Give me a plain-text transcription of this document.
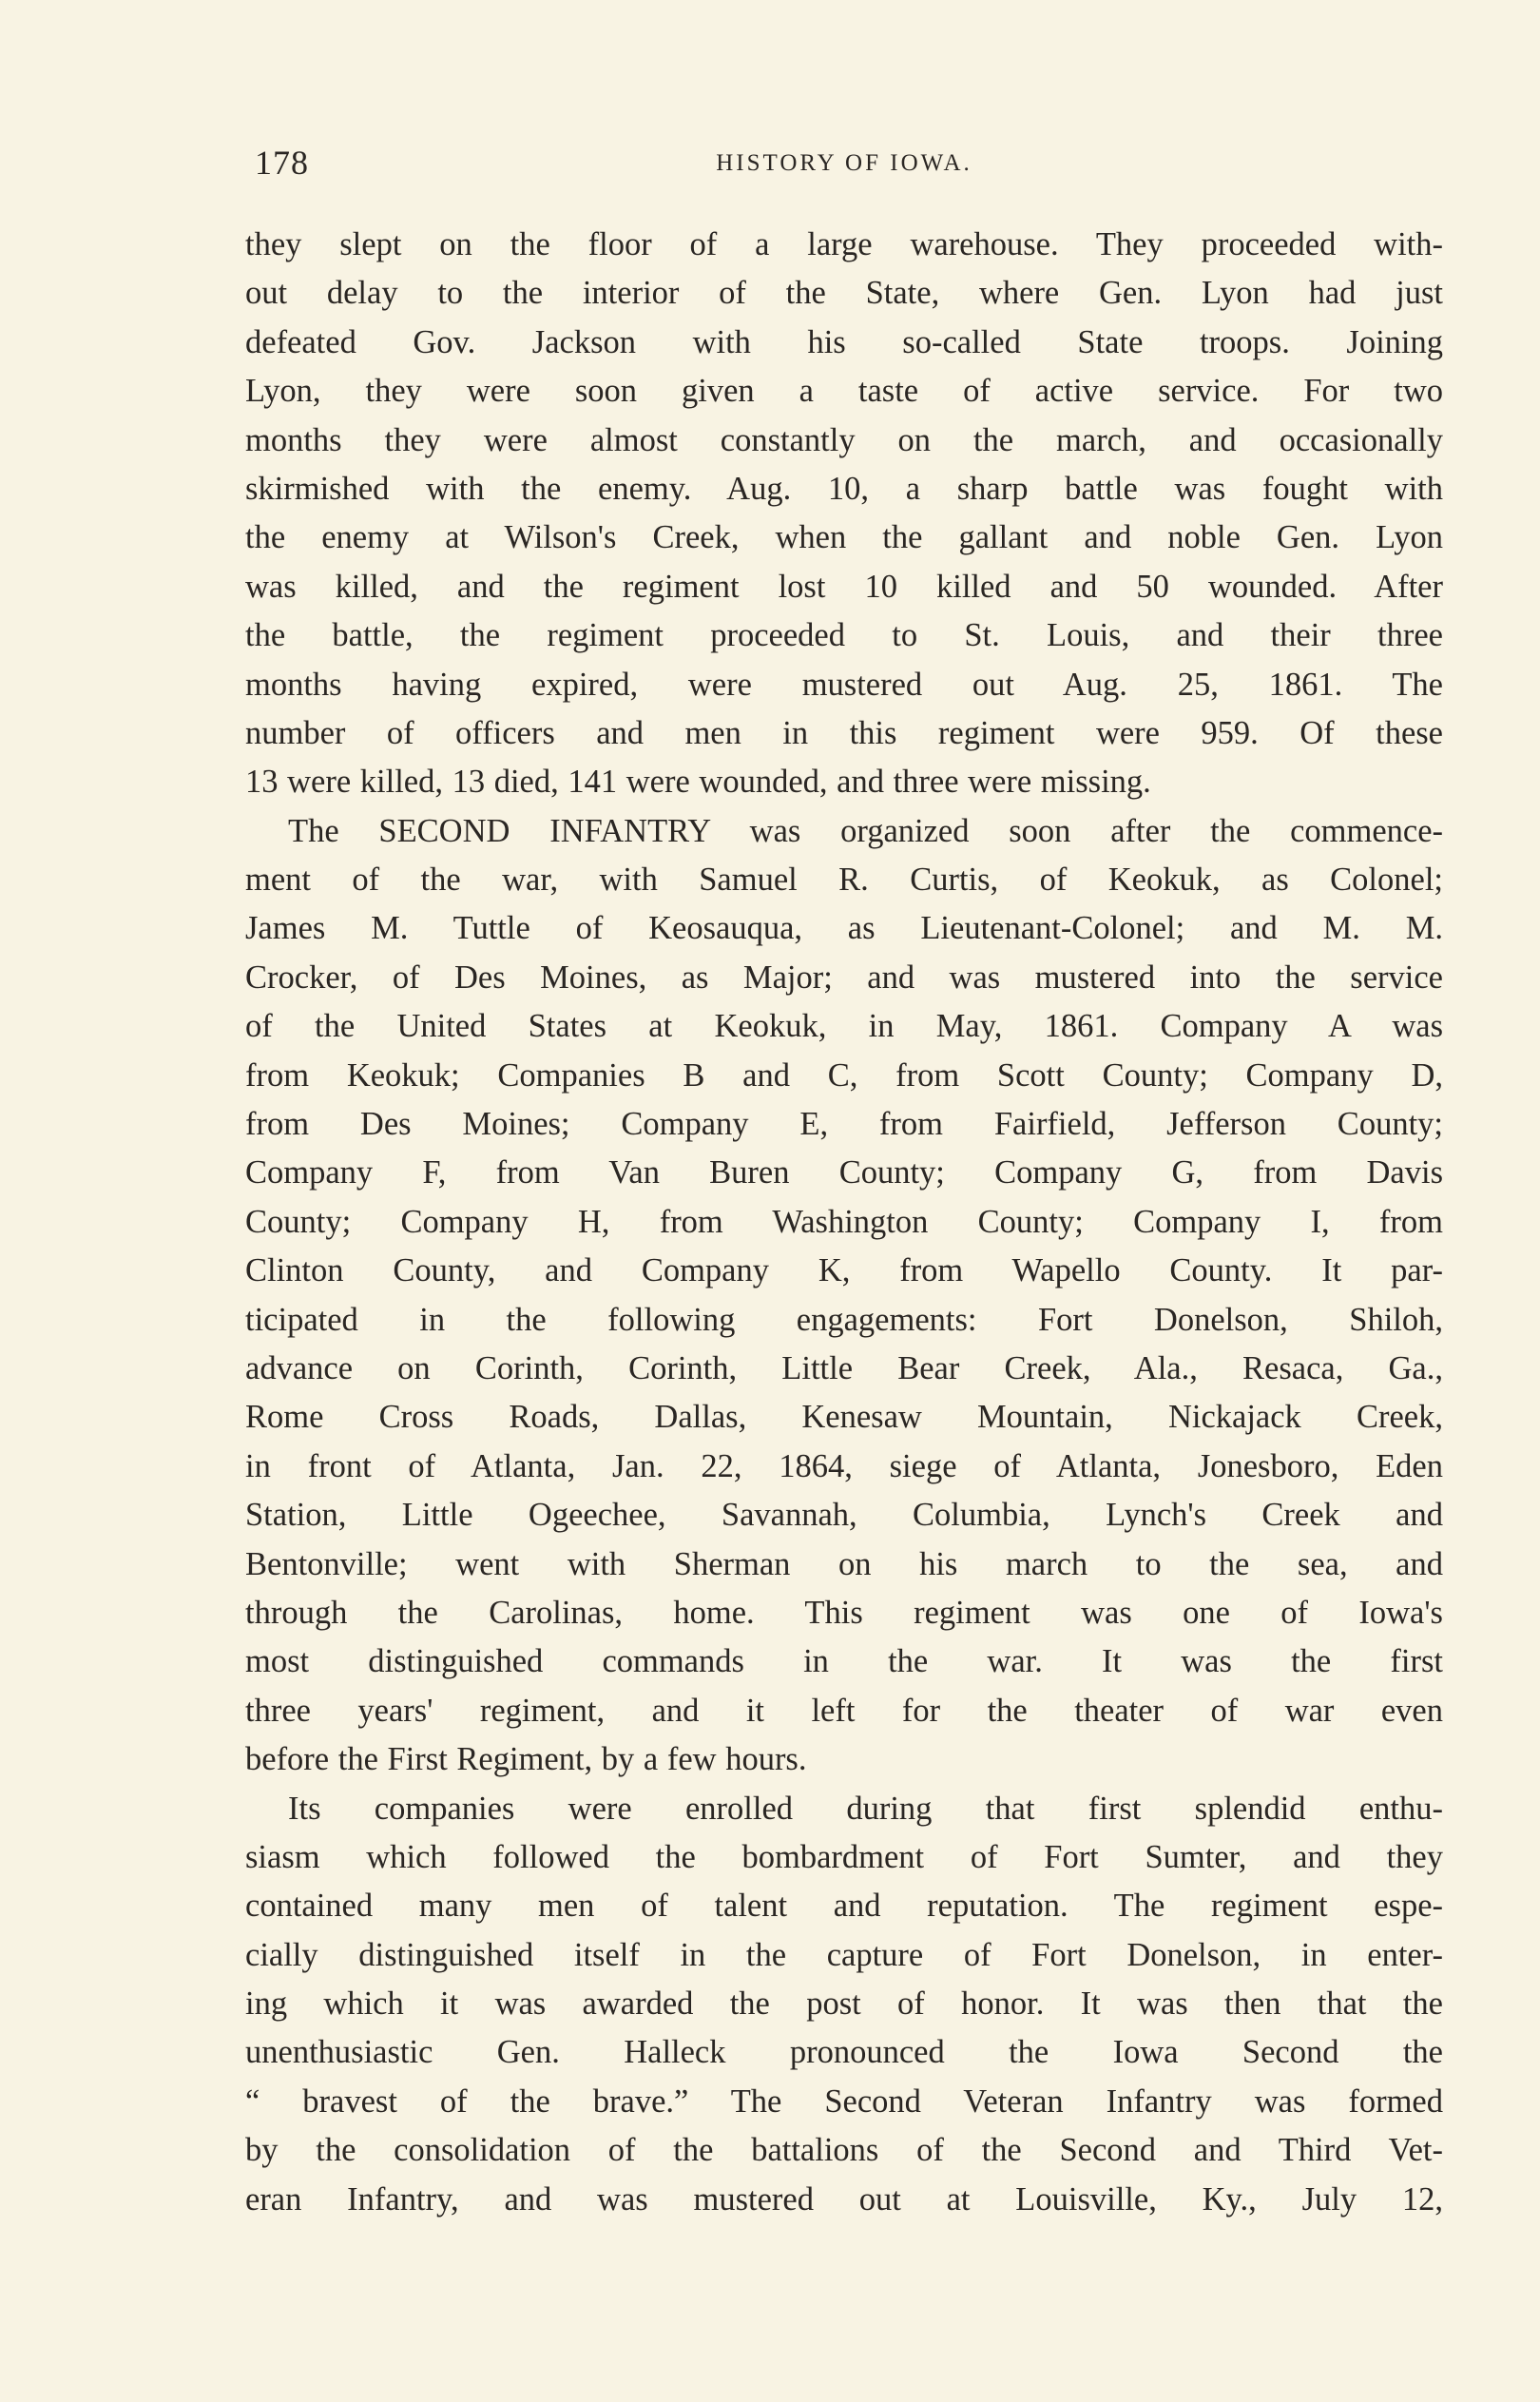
178	HISTORY OF IOWA.
they slept on the floor of a large warehouse. They proceeded with-
out delay to the interior of the State, where Gen. Lyon had just
defeated Gov. Jackson with his so-called State troops. Joining
Lyon, they were soon given a taste of active service. For two
months they were almost constantly on the march, and occasionally
skirmished with the enemy. Aug. 10, a sharp battle was fought with
the enemy at Wilson's Creek, when the gallant and noble Gen. Lyon
was killed, and the regiment lost 10 killed and 50 wounded. After
the battle, the regiment proceeded to St. Louis, and their three
months having expired, were mustered out Aug. 25, 1861. The
number of officers and men in this regiment were 959. Of these
13 were killed, 13 died, 141 were wounded, and three were missing.
The SECOND INFANTRY was organized soon after the commence-
ment of the war, with Samuel R. Curtis, of Keokuk, as Colonel;
James M. Tuttle of Keosauqua, as Lieutenant-Colonel; and M. M.
Crocker, of Des Moines, as Major; and was mustered into the service
of the United States at Keokuk, in May, 1861. Company A was
from Keokuk; Companies B and C, from Scott County; Company D,
from Des Moines; Company E, from Fairfield, Jefferson County;
Company F, from Van Buren County; Company G, from Davis
County; Company H, from Washington County; Company I, from
Clinton County, and Company K, from Wapello County. It par-
ticipated in the following engagements: Fort Donelson, Shiloh,
advance on Corinth, Corinth, Little Bear Creek, Ala., Resaca, Ga.,
Rome Cross Roads, Dallas, Kenesaw Mountain, Nickajack Creek,
in front of Atlanta, Jan. 22, 1864, siege of Atlanta, Jonesboro, Eden
Station, Little Ogeechee, Savannah, Columbia, Lynch's Creek and
Bentonville; went with Sherman on his march to the sea, and
through the Carolinas, home. This regiment was one of Iowa's
most distinguished commands in the war. It was the first
three years' regiment, and it left for the theater of war even
before the First Regiment, by a few hours.
Its companies were enrolled during that first splendid enthu-
siasm which followed the bombardment of Fort Sumter, and they
contained many men of talent and reputation. The regiment espe-
cially distinguished itself in the capture of Fort Donelson, in enter-
ing which it was awarded the post of honor. It was then that the
unenthusiastic Gen. Halleck pronounced the Iowa Second the
“ bravest of the brave.” The Second Veteran Infantry was formed
by the consolidation of the battalions of the Second and Third Vet-
eran Infantry, and was mustered out at Louisville, Ky., July 12,
